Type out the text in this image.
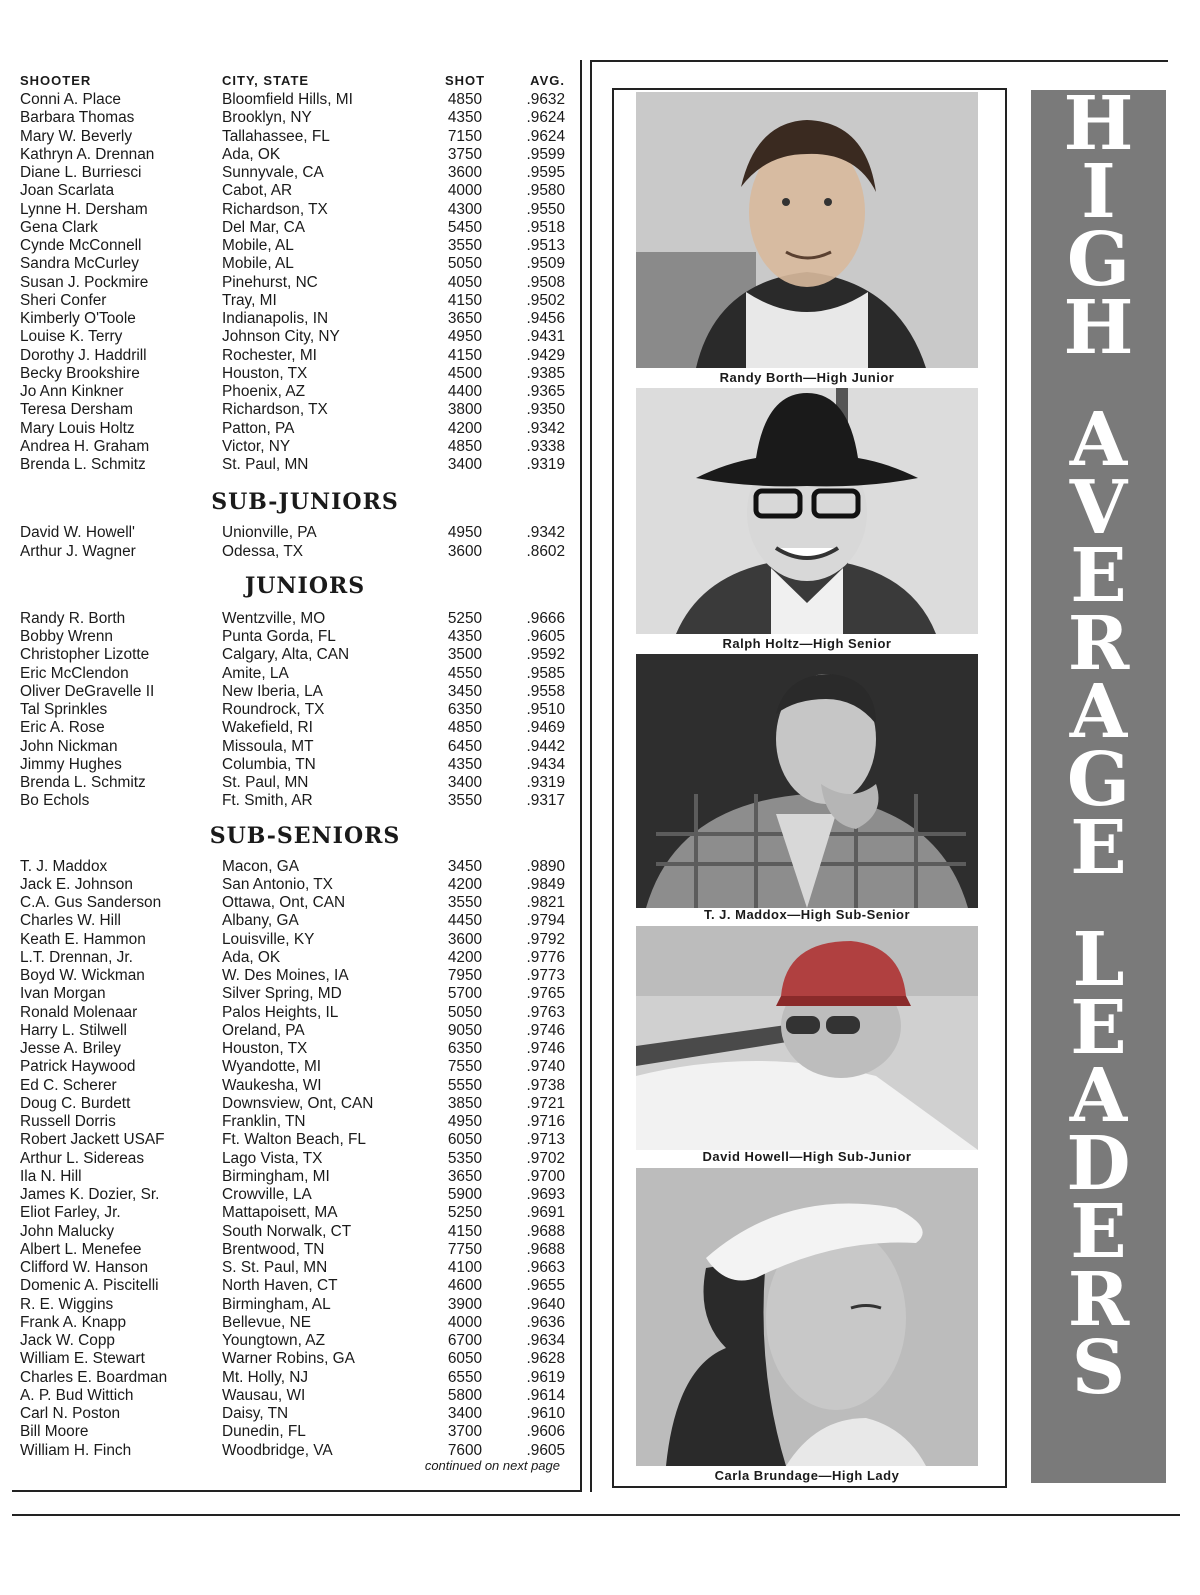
SHOOTER	CITY, STATE	SHOT	AVG.
Conni A. Place	Bloomfield Hills, MI	4850	.9632
Barbara Thomas	Brooklyn, NY	4350	.9624
Mary W. Beverly	Tallahassee, FL	7150	.9624
Kathryn A. Drennan	Ada, OK	3750	.9599
Diane L. Burriesci	Sunnyvale, CA	3600	.9595
Joan Scarlata	Cabot, AR	4000	.9580
Lynne H. Dersham	Richardson, TX	4300	.9550
Gena Clark	Del Mar, CA	5450	.9518
Cynde McConnell	Mobile, AL	3550	.9513
Sandra McCurley	Mobile, AL	5050	.9509
Susan J. Pockmire	Pinehurst, NC	4050	.9508
Sheri Confer	Tray, MI	4150	.9502
Kimberly O'Toole	Indianapolis, IN	3650	.9456
Louise K. Terry	Johnson City, NY	4950	.9431
Dorothy J. Haddrill	Rochester, MI	4150	.9429
Becky Brookshire	Houston, TX	4500	.9385
Jo Ann Kinkner	Phoenix, AZ	4400	.9365
Teresa Dersham	Richardson, TX	3800	.9350
Mary Louis Holtz	Patton, PA	4200	.9342
Andrea H. Graham	Victor, NY	4850	.9338
Brenda L. Schmitz	St. Paul, MN	3400	.9319
SUB-JUNIORS
David W. Howell'	Unionville, PA	4950	.9342
Arthur J. Wagner	Odessa, TX	3600	.8602
JUNIORS
Randy R. Borth	Wentzville, MO	5250	.9666
Bobby Wrenn	Punta Gorda, FL	4350	.9605
Christopher Lizotte	Calgary, Alta, CAN	3500	.9592
Eric McClendon	Amite, LA	4550	.9585
Oliver DeGravelle II	New Iberia, LA	3450	.9558
Tal Sprinkles	Roundrock, TX	6350	.9510
Eric A. Rose	Wakefield, RI	4850	.9469
John Nickman	Missoula, MT	6450	.9442
Jimmy Hughes	Columbia, TN	4350	.9434
Brenda L. Schmitz	St. Paul, MN	3400	.9319
Bo Echols	Ft. Smith, AR	3550	.9317
SUB-SENIORS
T. J. Maddox	Macon, GA	3450	.9890
Jack E. Johnson	San Antonio, TX	4200	.9849
C.A. Gus Sanderson	Ottawa, Ont, CAN	3550	.9821
Charles W. Hill	Albany, GA	4450	.9794
Keath E. Hammon	Louisville, KY	3600	.9792
L.T. Drennan, Jr.	Ada, OK	4200	.9776
Boyd W. Wickman	W. Des Moines, IA	7950	.9773
Ivan Morgan	Silver Spring, MD	5700	.9765
Ronald Molenaar	Palos Heights, IL	5050	.9763
Harry L. Stilwell	Oreland, PA	9050	.9746
Jesse A. Briley	Houston, TX	6350	.9746
Patrick Haywood	Wyandotte, MI	7550	.9740
Ed C. Scherer	Waukesha, WI	5550	.9738
Doug C. Burdett	Downsview, Ont, CAN	3850	.9721
Russell Dorris	Franklin, TN	4950	.9716
Robert Jackett USAF	Ft. Walton Beach, FL	6050	.9713
Arthur L. Sidereas	Lago Vista, TX	5350	.9702
Ila N. Hill	Birmingham, MI	3650	.9700
James K. Dozier, Sr.	Crowville, LA	5900	.9693
Eliot Farley, Jr.	Mattapoisett, MA	5250	.9691
John Malucky	South Norwalk, CT	4150	.9688
Albert L. Menefee	Brentwood, TN	7750	.9688
Clifford W. Hanson	S. St. Paul, MN	4100	.9663
Domenic A. Piscitelli	North Haven, CT	4600	.9655
R. E. Wiggins	Birmingham, AL	3900	.9640
Frank A. Knapp	Bellevue, NE	4000	.9636
Jack W. Copp	Youngtown, AZ	6700	.9634
William E. Stewart	Warner Robins, GA	6050	.9628
Charles E. Boardman	Mt. Holly, NJ	6550	.9619
A. P. Bud Wittich	Wausau, WI	5800	.9614
Carl N. Poston	Daisy, TN	3400	.9610
Bill Moore	Dunedin, FL	3700	.9606
William H. Finch	Woodbridge, VA	7600	.9605
continued on next page
Randy Borth—High Junior
Ralph Holtz—High Senior
T. J. Maddox—High Sub-Senior
David Howell—High Sub-Junior
Carla Brundage—High Lady
H
I
G
H
A
V
E
R
A
G
E
L
E
A
D
E
R
S
